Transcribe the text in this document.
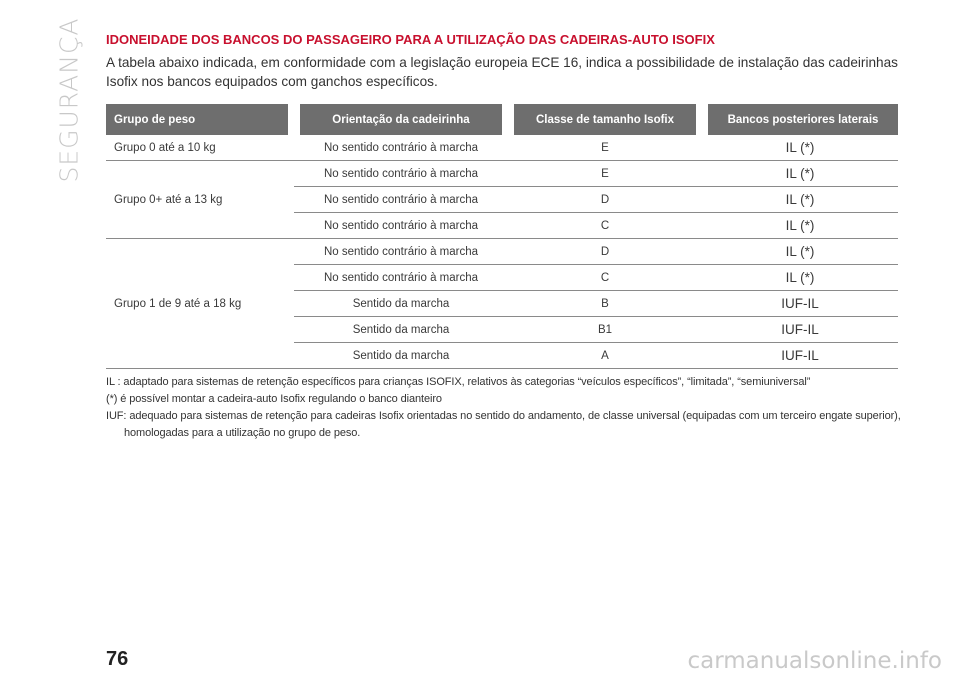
SEGURANÇA IDONEIDADE DOS BANCOS DO PASSAGEIRO PARA A UTILIZAÇÃO DAS CADEIRAS-AUTO ISOFIX
A tabela abaixo indicada, em conformidade com a legislação europeia ECE 16, indica a possibilidade de instalação das cadeirinhas Isofix nos bancos equipados com ganchos específicos.
Grupo de peso	Orientação da cadeirinha	Classe de tamanho Isofix	Bancos posteriores laterais
Grupo 0 até a 10 kg	No sentido contrário à marcha	E	IL (*)
Grupo 0+ até a 13 kg	No sentido contrário à marcha	E	IL (*)
	No sentido contrário à marcha	D	IL (*)
	No sentido contrário à marcha	C	IL (*)
Grupo 1 de 9 até a 18 kg	No sentido contrário à marcha	D	IL (*)
	No sentido contrário à marcha	C	IL (*)
	Sentido da marcha	B	IUF-IL
	Sentido da marcha	B1	IUF-IL
	Sentido da marcha	A	IUF-IL

IL : adaptado para sistemas de retenção específicos para crianças ISOFIX, relativos às categorias “veículos específicos”, “limitada”, “semiuniversal”

(*) é possível montar a cadeira-auto Isofix regulando o banco dianteiro

IUF: adequado para sistemas de retenção para cadeiras Isofix orientadas no sentido do andamento, de classe universal (equipadas com um terceiro engate superior),

homologadas para a utilização no grupo de peso.

76	carmanualsonline.info
